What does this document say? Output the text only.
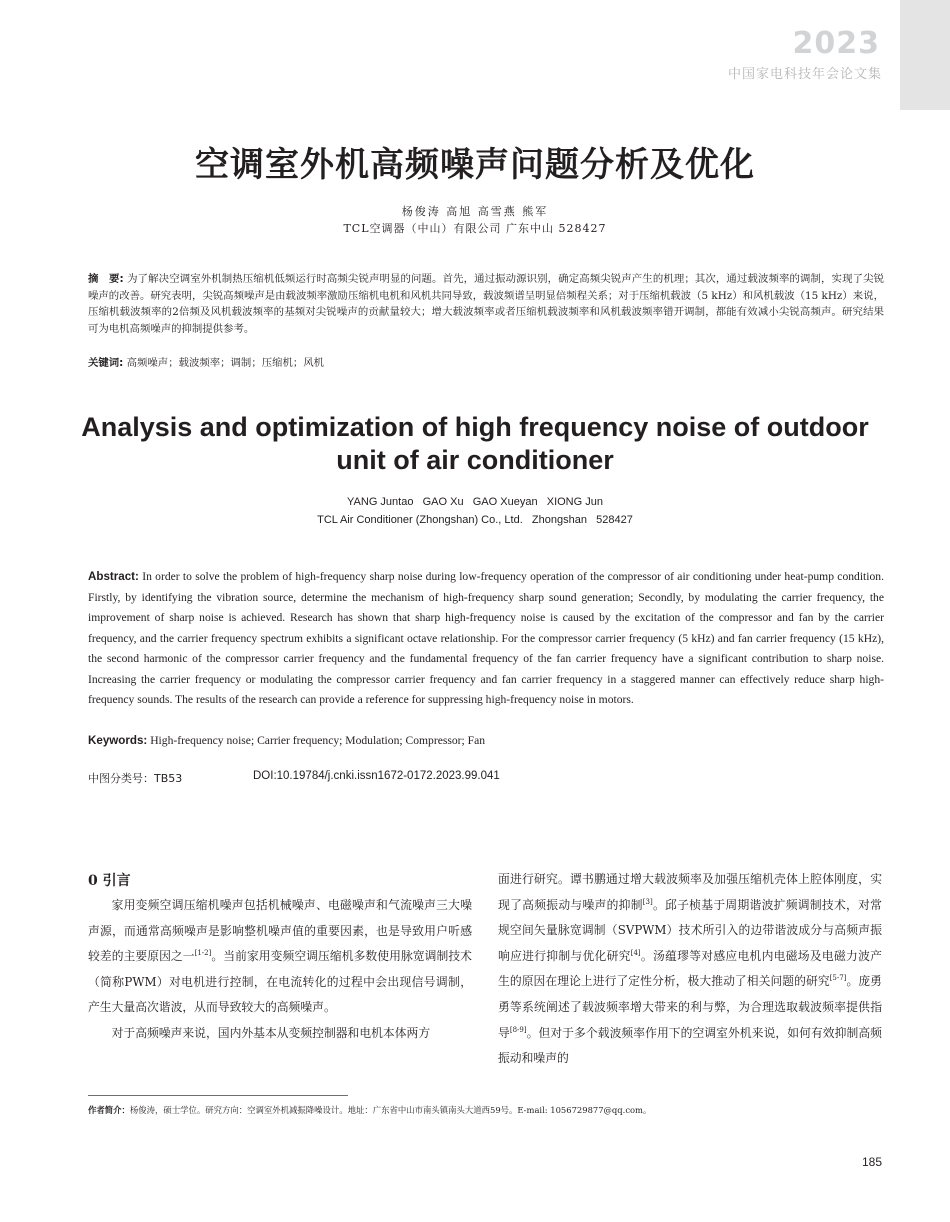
2023
中国家电科技年会论文集
空调室外机高频噪声问题分析及优化
杨俊涛 高旭 高雪燕 熊军
TCL空调器（中山）有限公司 广东中山 528427
摘　要: 为了解决空调室外机制热压缩机低频运行时高频尖锐声明显的问题。首先，通过振动源识别，确定高频尖锐声产生的机理；其次，通过载波频率的调制，实现了尖锐噪声的改善。研究表明，尖锐高频噪声是由载波频率激励压缩机电机和风机共同导致，载波频谱呈明显倍频程关系；对于压缩机载波（5 kHz）和风机载波（15 kHz）来说，压缩机载波频率的2倍频及风机载波频率的基频对尖锐噪声的贡献量较大；增大载波频率或者压缩机载波频率和风机载波频率错开调制，都能有效减小尖锐高频声。研究结果可为电机高频噪声的抑制提供参考。
关键词: 高频噪声；载波频率；调制；压缩机；风机
Analysis and optimization of high frequency noise of outdoor unit of air conditioner
YANG Juntao   GAO Xu   GAO Xueyan   XIONG Jun
TCL Air Conditioner (Zhongshan) Co., Ltd.   Zhongshan   528427
Abstract: In order to solve the problem of high-frequency sharp noise during low-frequency operation of the compressor of air conditioning under heat-pump condition. Firstly, by identifying the vibration source, determine the mechanism of high-frequency sharp sound generation; Secondly, by modulating the carrier frequency, the improvement of sharp noise is achieved. Research has shown that sharp high-frequency noise is caused by the excitation of the compressor and fan by the carrier frequency, and the carrier frequency spectrum exhibits a significant octave relationship. For the compressor carrier frequency (5 kHz) and fan carrier frequency (15 kHz), the second harmonic of the compressor carrier frequency and the fundamental frequency of the fan carrier frequency have a significant contribution to sharp noise. Increasing the carrier frequency or modulating the compressor carrier frequency and fan carrier frequency in a staggered manner can effectively reduce sharp high-frequency sounds. The results of the research can provide a reference for suppressing high-frequency noise in motors.
Keywords: High-frequency noise; Carrier frequency; Modulation; Compressor; Fan
中图分类号：TB53	DOI:10.19784/j.cnki.issn1672-0172.2023.99.041
0 引言

家用变频空调压缩机噪声包括机械噪声、电磁噪声和气流噪声三大噪声源，而通常高频噪声是影响整机噪声值的重要因素，也是导致用户听感较差的主要原因之一[1-2]。当前家用变频空调压缩机多数使用脉宽调制技术（简称PWM）对电机进行控制，在电流转化的过程中会出现信号调制，产生大量高次谐波，从而导致较大的高频噪声。

对于高频噪声来说，国内外基本从变频控制器和电机本体两方

面进行研究。谭书鹏通过增大载波频率及加强压缩机壳体上腔体刚度，实现了高频振动与噪声的抑制[3]。邱子桢基于周期谐波扩频调制技术，对常规空间矢量脉宽调制（SVPWM）技术所引入的边带谐波成分与高频声振响应进行抑制与优化研究[4]。汤蕴璆等对感应电机内电磁场及电磁力波产生的原因在理论上进行了定性分析，极大推动了相关问题的研究[5-7]。庞勇勇等系统阐述了载波频率增大带来的利与弊，为合理选取载波频率提供指导[8-9]。但对于多个载波频率作用下的空调室外机来说，如何有效抑制高频振动和噪声的

作者简介：杨俊涛，硕士学位。研究方向：空调室外机减振降噪设计。地址：广东省中山市南头镇南头大道西59号。E-mail: 1056729877@qq.com。
185
